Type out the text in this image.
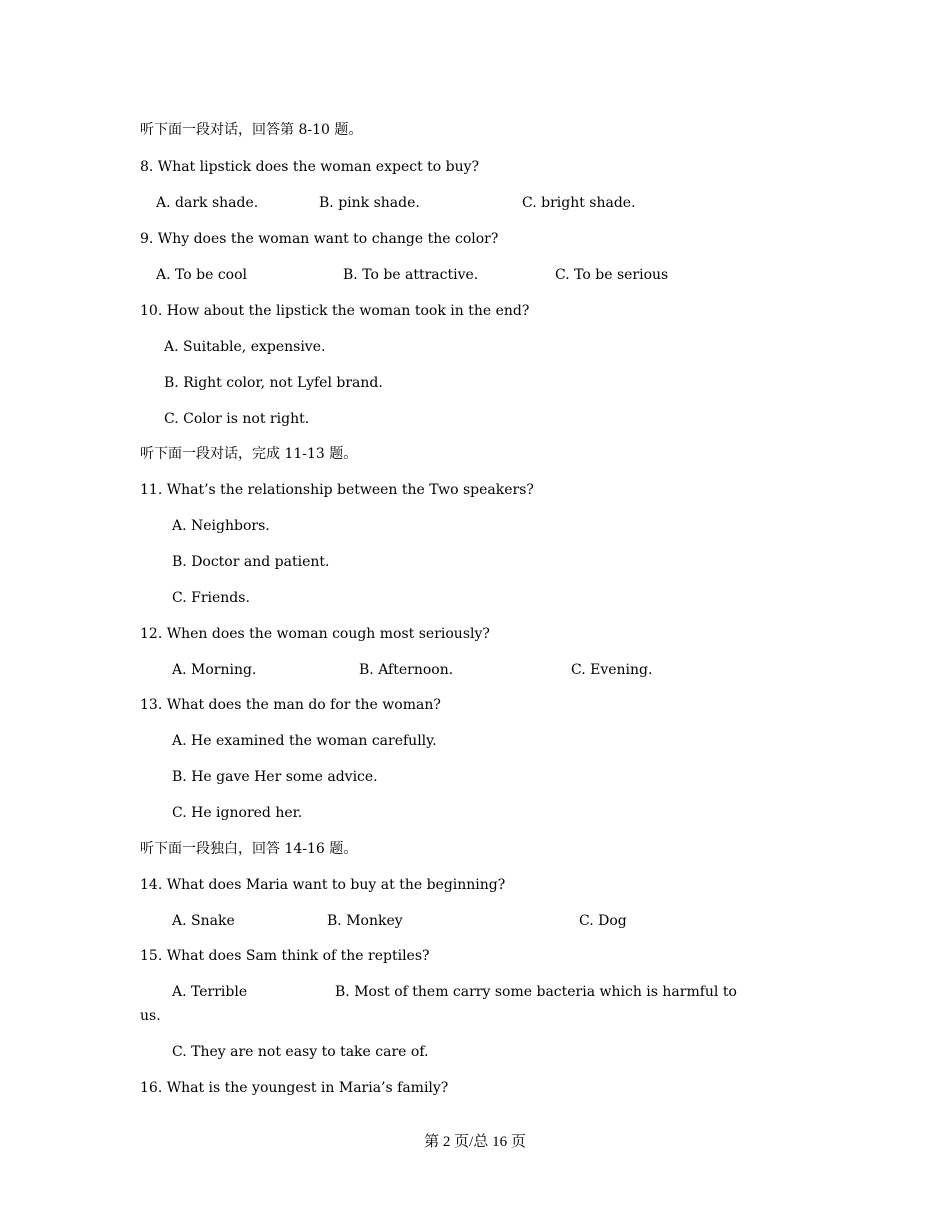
听下面一段对话，回答第 8-10 题。
8. What lipstick does the woman expect to buy?
A. dark shade.	B. pink shade.	C. bright shade.
9. Why does the woman want to change the color?
A. To be cool	B. To be attractive.	C. To be serious
10. How about the lipstick the woman took in the end?
A. Suitable, expensive.
B. Right color, not Lyfel brand.
C. Color is not right.
听下面一段对话，完成 11-13 题。
11. What’s the relationship between the Two speakers?
A. Neighbors.
B. Doctor and patient.
C. Friends.
12. When does the woman cough most seriously?
A. Morning.	B. Afternoon.	C. Evening.
13. What does the man do for the woman?
A. He examined the woman carefully.
B. He gave Her some advice.
C. He ignored her.
听下面一段独白，回答 14-16 题。
14. What does Maria want to buy at the beginning?
A. Snake	B. Monkey	C. Dog
15. What does Sam think of the reptiles?
A. Terrible	B. Most of them carry some bacteria which is harmful to
us.
C. They are not easy to take care of.
16. What is the youngest in Maria’s family?
第 2 页/总 16 页
